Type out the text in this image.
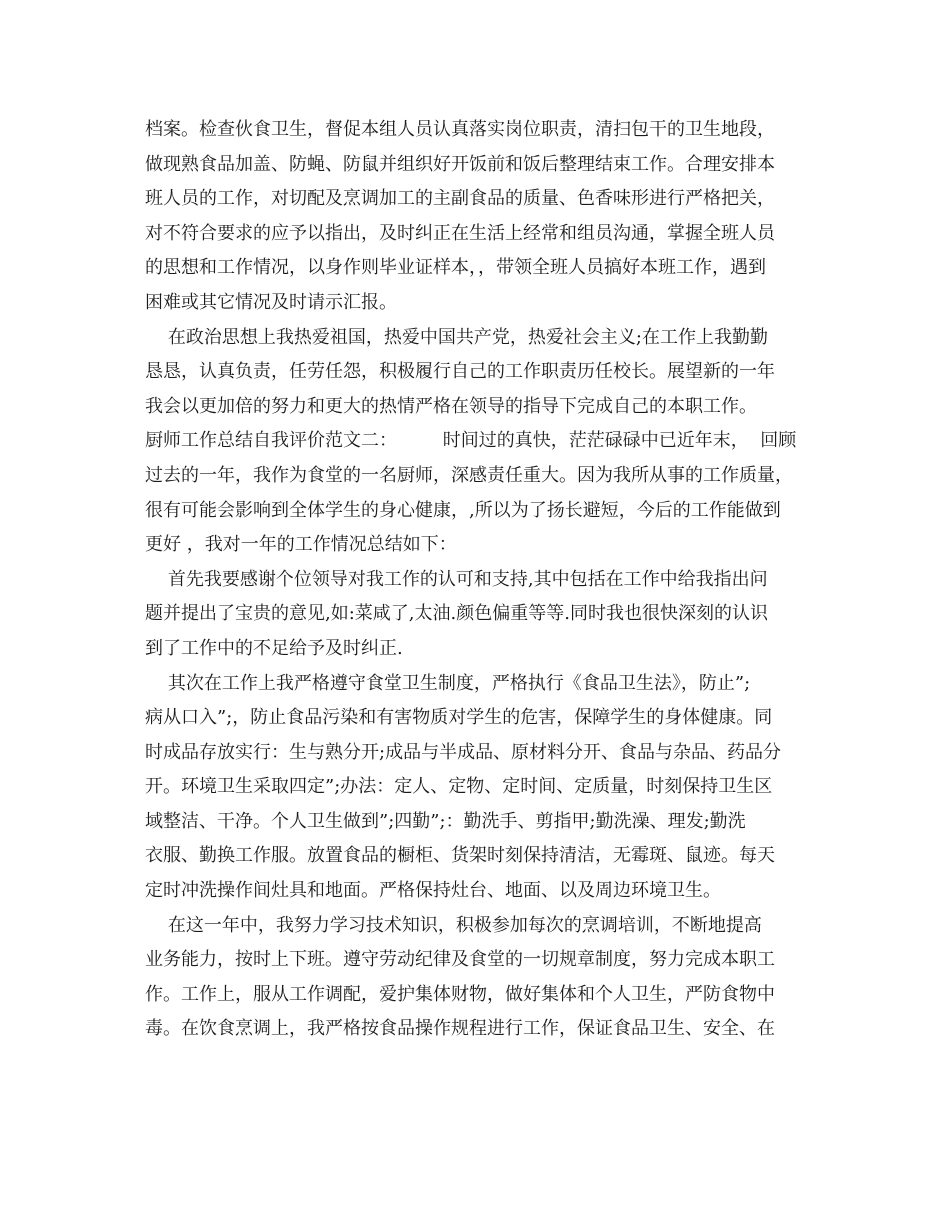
档案。检查伙食卫生，督促本组人员认真落实岗位职责，清扫包干的卫生地段，
做现熟食品加盖、防蝇、防鼠并组织好开饭前和饭后整理结束工作。合理安排本
班人员的工作，对切配及烹调加工的主副食品的质量、色香味形进行严格把关，
对不符合要求的应予以指出，及时纠正在生活上经常和组员沟通，掌握全班人员
的思想和工作情况，以身作则毕业证样本，，带领全班人员搞好本班工作，遇到
困难或其它情况及时请示汇报。
在政治思想上我热爱祖国，热爱中国共产党，热爱社会主义;在工作上我勤勤
恳恳，认真负责，任劳任怨，积极履行自己的工作职责历任校长。展望新的一年
我会以更加倍的努力和更大的热情严格在领导的指导下完成自己的本职工作。
厨师工作总结自我评价范文二：        时间过的真快，茫茫碌碌中已近年末，  回顾
过去的一年，我作为食堂的一名厨师，深感责任重大。因为我所从事的工作质量，
很有可能会影响到全体学生的身心健康，,所以为了扬长避短，今后的工作能做到
更好 ，我对一年的工作情况总结如下：
首先我要感谢个位领导对我工作的认可和支持,其中包括在工作中给我指出问
题并提出了宝贵的意见,如:菜咸了,太油.颜色偏重等等.同时我也很快深刻的认识
到了工作中的不足给予及时纠正.
其次在工作上我严格遵守食堂卫生制度，严格执行《食品卫生法》，防止”;
病从口入”;，防止食品污染和有害物质对学生的危害，保障学生的身体健康。同
时成品存放实行：生与熟分开;成品与半成品、原材料分开、食品与杂品、药品分
开。环境卫生采取四定”;办法：定人、定物、定时间、定质量，时刻保持卫生区
域整洁、干净。个人卫生做到”;四勤”;：勤洗手、剪指甲;勤洗澡、理发;勤洗
衣服、勤换工作服。放置食品的橱柜、货架时刻保持清洁，无霉斑、鼠迹。每天
定时冲洗操作间灶具和地面。严格保持灶台、地面、以及周边环境卫生。
在这一年中，我努力学习技术知识，积极参加每次的烹调培训，不断地提高
业务能力，按时上下班。遵守劳动纪律及食堂的一切规章制度，努力完成本职工
作。工作上，服从工作调配，爱护集体财物，做好集体和个人卫生，严防食物中
毒。在饮食烹调上，我严格按食品操作规程进行工作，保证食品卫生、安全、在
